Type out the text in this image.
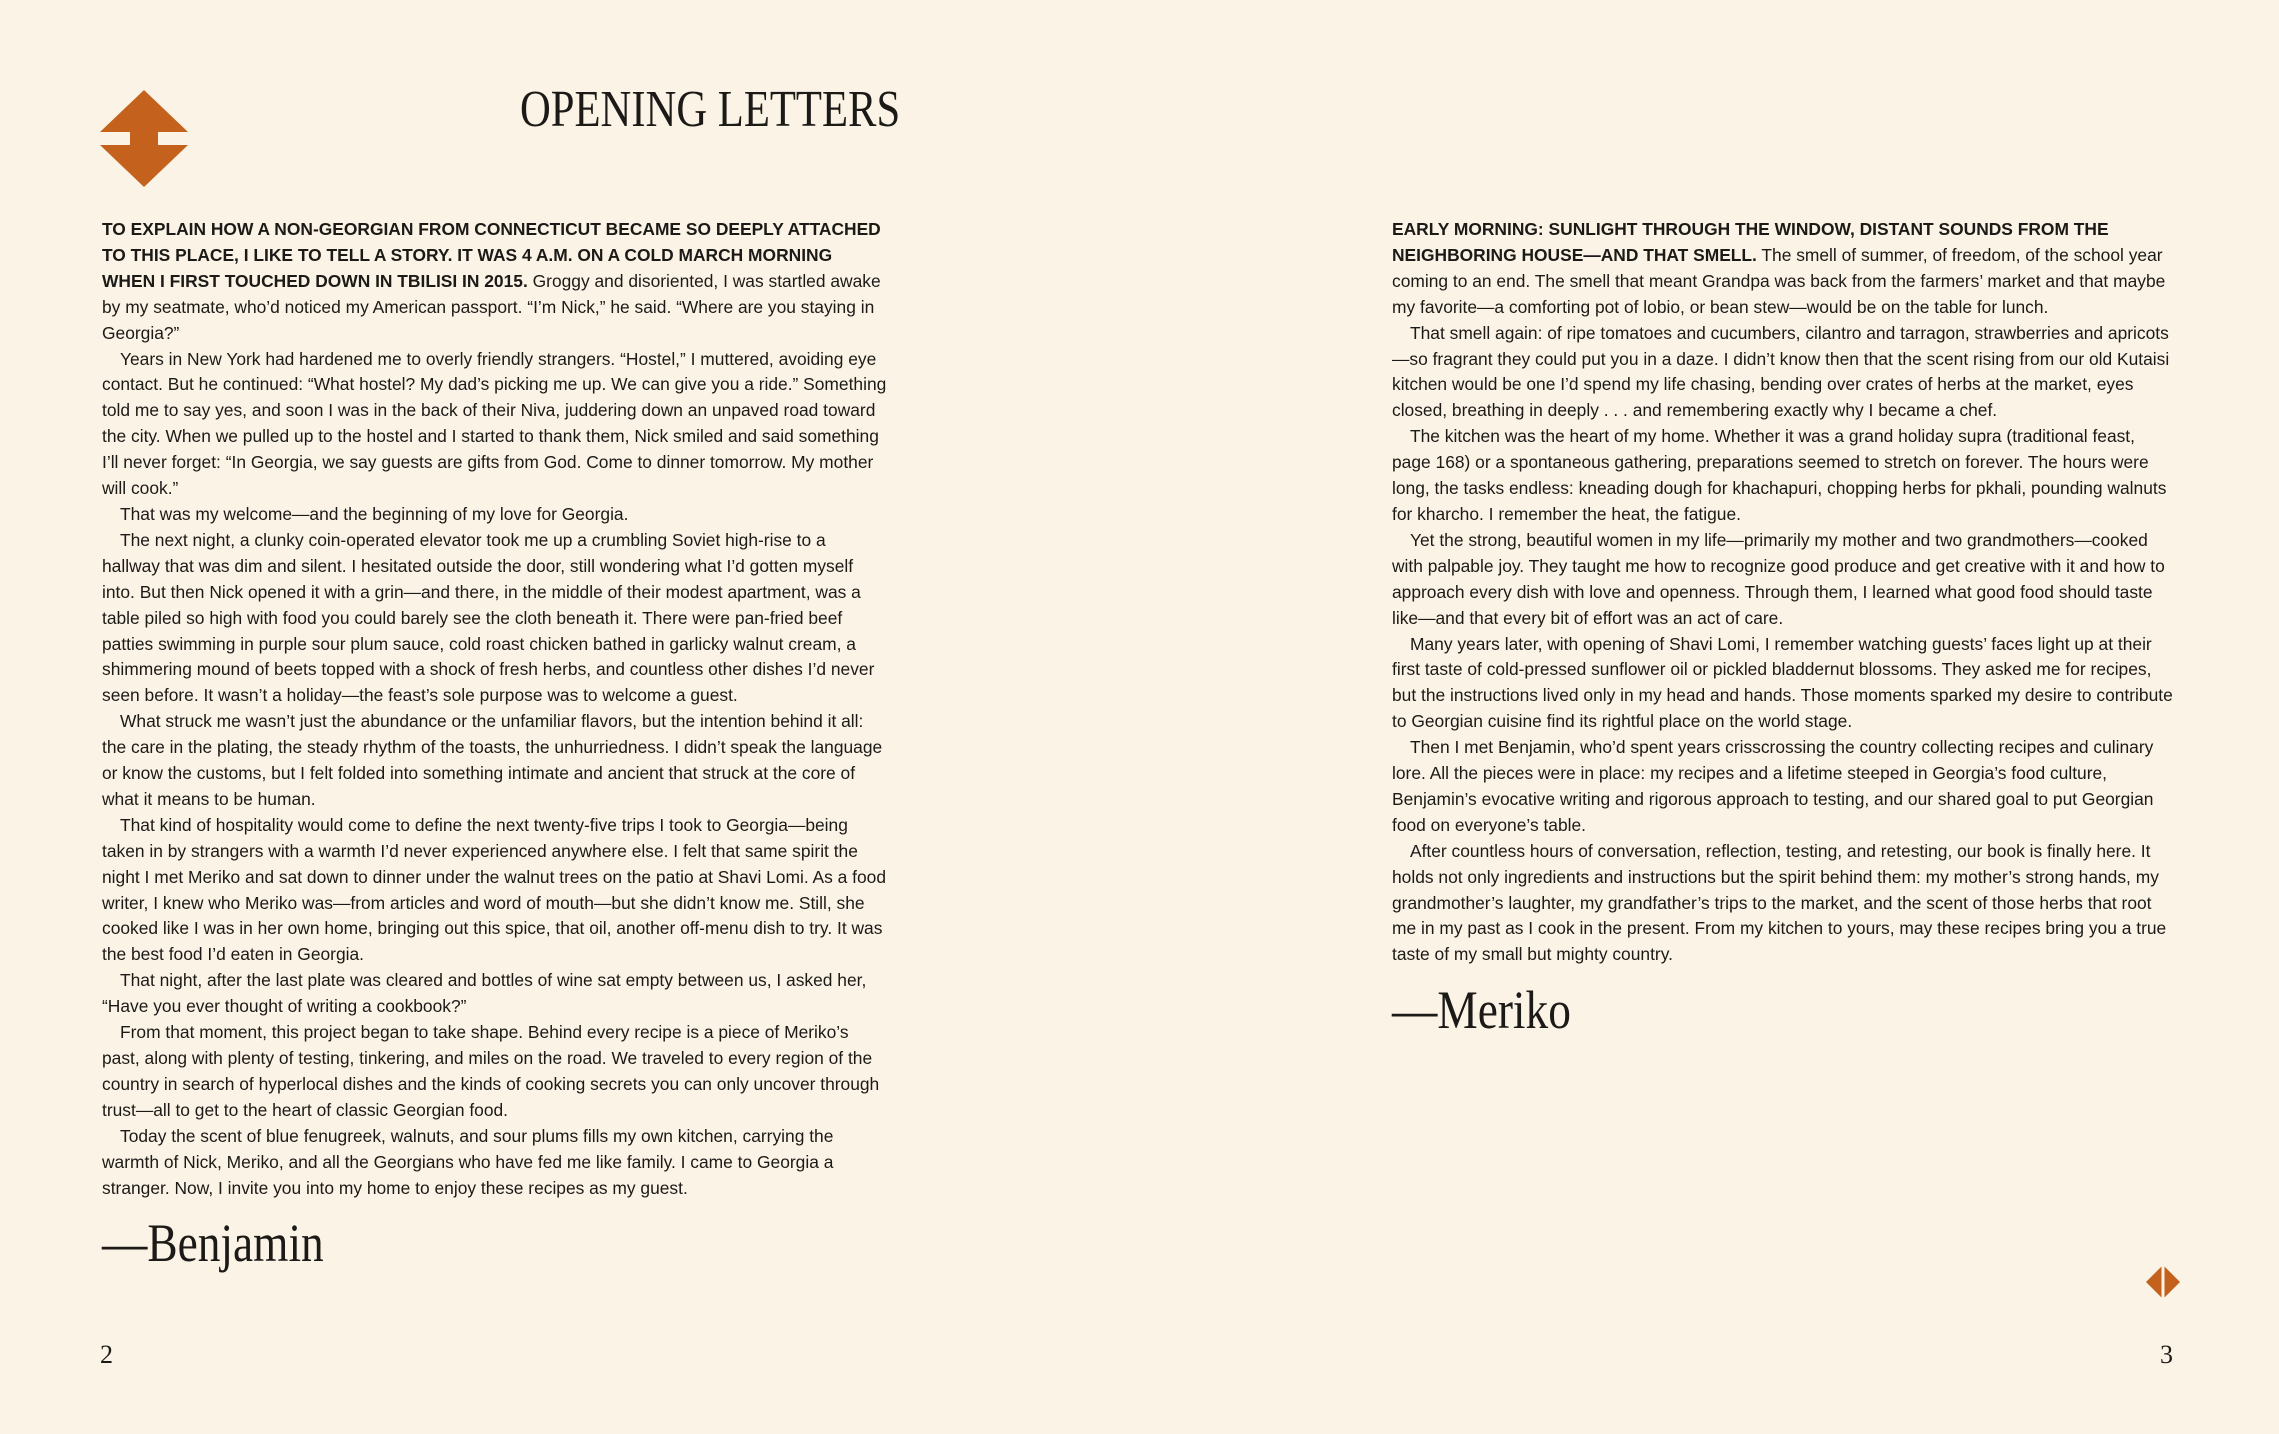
OPENING LETTERS

TO EXPLAIN HOW A NON-GEORGIAN FROM CONNECTICUT BECAME SO DEEPLY ATTACHED TO THIS PLACE, I LIKE TO TELL A STORY. IT WAS 4 A.M. ON A COLD MARCH MORNING WHEN I FIRST TOUCHED DOWN IN TBILISI IN 2015. Groggy and disoriented, I was startled awake by my seatmate, who’d noticed my American passport. “I’m Nick,” he said. “Where are you staying in Georgia?”

Years in New York had hardened me to overly friendly strangers. “Hostel,” I muttered, avoiding eye contact. But he continued: “What hostel? My dad’s picking me up. We can give you a ride.” Something told me to say yes, and soon I was in the back of their Niva, juddering down an unpaved road toward the city. When we pulled up to the hostel and I started to thank them, Nick smiled and said something I’ll never forget: “In Georgia, we say guests are gifts from God. Come to dinner tomorrow. My mother will cook.”

That was my welcome—and the beginning of my love for Georgia.

The next night, a clunky coin-operated elevator took me up a crumbling Soviet high-rise to a hallway that was dim and silent. I hesitated outside the door, still wondering what I’d gotten myself into. But then Nick opened it with a grin—and there, in the middle of their modest apartment, was a table piled so high with food you could barely see the cloth beneath it. There were pan-fried beef patties swimming in purple sour plum sauce, cold roast chicken bathed in garlicky walnut cream, a shimmering mound of beets topped with a shock of fresh herbs, and countless other dishes I’d never seen before. It wasn’t a holiday—the feast’s sole purpose was to welcome a guest.

What struck me wasn’t just the abundance or the unfamiliar flavors, but the intention behind it all: the care in the plating, the steady rhythm of the toasts, the unhurriedness. I didn’t speak the language or know the customs, but I felt folded into something intimate and ancient that struck at the core of what it means to be human.

That kind of hospitality would come to define the next twenty-five trips I took to Georgia—being taken in by strangers with a warmth I’d never experienced anywhere else. I felt that same spirit the night I met Meriko and sat down to dinner under the walnut trees on the patio at Shavi Lomi. As a food writer, I knew who Meriko was—from articles and word of mouth—but she didn’t know me. Still, she cooked like I was in her own home, bringing out this spice, that oil, another off-menu dish to try. It was the best food I’d eaten in Georgia.

That night, after the last plate was cleared and bottles of wine sat empty between us, I asked her, “Have you ever thought of writing a cookbook?”

From that moment, this project began to take shape. Behind every recipe is a piece of Meriko’s past, along with plenty of testing, tinkering, and miles on the road. We traveled to every region of the country in search of hyperlocal dishes and the kinds of cooking secrets you can only uncover through trust—all to get to the heart of classic Georgian food.

Today the scent of blue fenugreek, walnuts, and sour plums fills my own kitchen, carrying the warmth of Nick, Meriko, and all the Georgians who have fed me like family. I came to Georgia a stranger. Now, I invite you into my home to enjoy these recipes as my guest.

—Benjamin
2

EARLY MORNING: SUNLIGHT THROUGH THE WINDOW, DISTANT SOUNDS FROM THE NEIGHBORING HOUSE—AND THAT SMELL. The smell of summer, of freedom, of the school year coming to an end. The smell that meant Grandpa was back from the farmers’ market and that maybe my favorite—a comforting pot of lobio, or bean stew—would be on the table for lunch.

That smell again: of ripe tomatoes and cucumbers, cilantro and tarragon, strawberries and apricots—so fragrant they could put you in a daze. I didn’t know then that the scent rising from our old Kutaisi kitchen would be one I’d spend my life chasing, bending over crates of herbs at the market, eyes closed, breathing in deeply . . . and remembering exactly why I became a chef.

The kitchen was the heart of my home. Whether it was a grand holiday supra (traditional feast, page 168) or a spontaneous gathering, preparations seemed to stretch on forever. The hours were long, the tasks endless: kneading dough for khachapuri, chopping herbs for pkhali, pounding walnuts for kharcho. I remember the heat, the fatigue.

Yet the strong, beautiful women in my life—primarily my mother and two grandmothers—cooked with palpable joy. They taught me how to recognize good produce and get creative with it and how to approach every dish with love and openness. Through them, I learned what good food should taste like—and that every bit of effort was an act of care.

Many years later, with opening of Shavi Lomi, I remember watching guests’ faces light up at their first taste of cold-pressed sunflower oil or pickled bladdernut blossoms. They asked me for recipes, but the instructions lived only in my head and hands. Those moments sparked my desire to contribute to Georgian cuisine find its rightful place on the world stage.

Then I met Benjamin, who’d spent years crisscrossing the country collecting recipes and culinary lore. All the pieces were in place: my recipes and a lifetime steeped in Georgia’s food culture, Benjamin’s evocative writing and rigorous approach to testing, and our shared goal to put Georgian food on everyone’s table.

After countless hours of conversation, reflection, testing, and retesting, our book is finally here. It holds not only ingredients and instructions but the spirit behind them: my mother’s strong hands, my grandmother’s laughter, my grandfather’s trips to the market, and the scent of those herbs that root me in my past as I cook in the present. From my kitchen to yours, may these recipes bring you a true taste of my small but mighty country.

—Meriko
3
